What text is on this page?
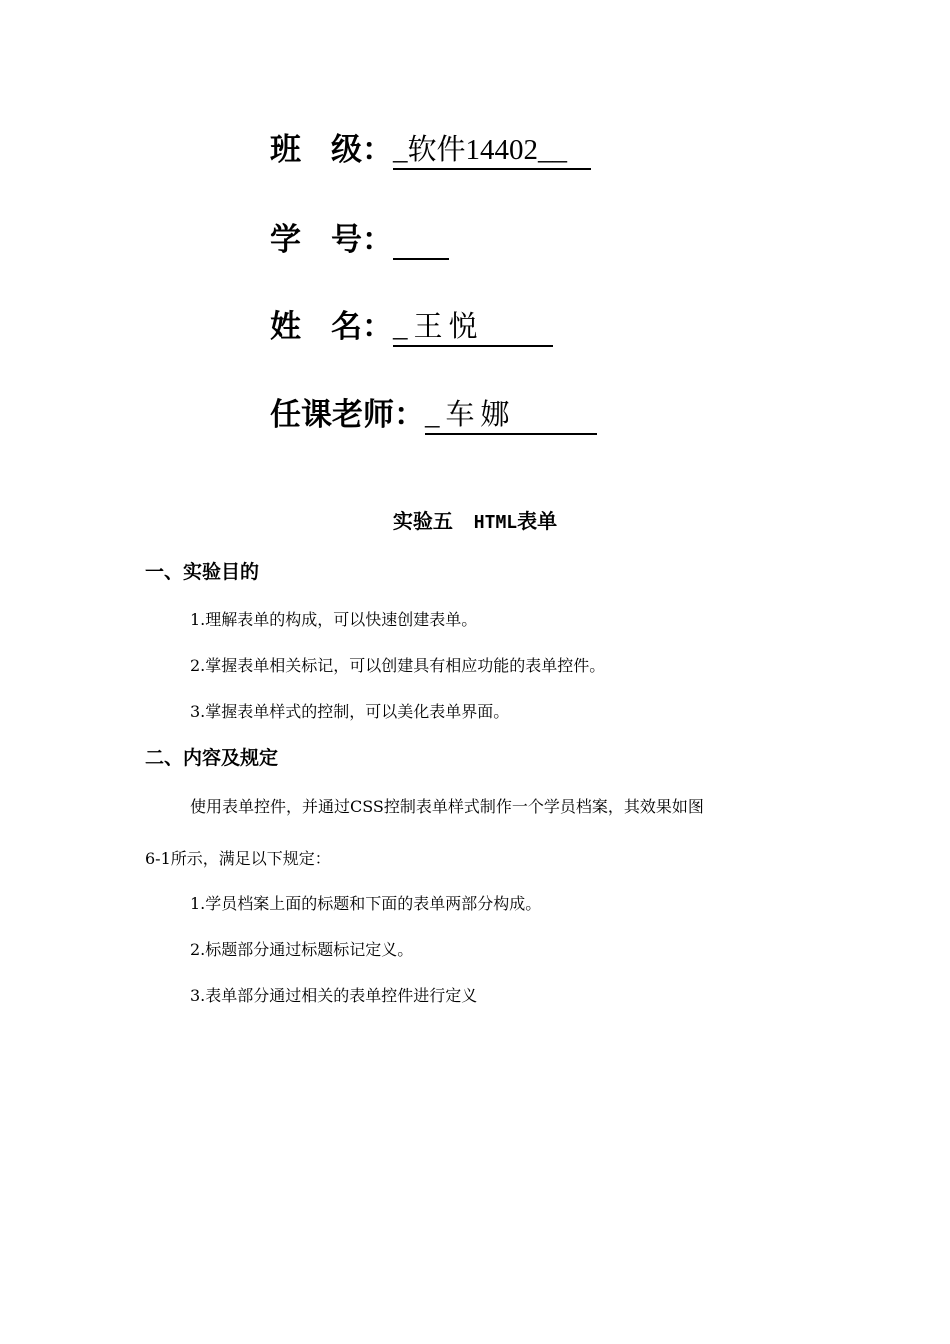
班级： _软件14402__
学号：
姓名： _王悦
任课老师： _车娜
实验五 HTML表单
一、实验目的
1.理解表单的构成，可以快速创建表单。
2.掌握表单相关标记，可以创建具有相应功能的表单控件。
3.掌握表单样式的控制，可以美化表单界面。
二、内容及规定
使用表单控件，并通过CSS控制表单样式制作一个学员档案，其效果如图
6-1所示，满足以下规定：
1.学员档案上面的标题和下面的表单两部分构成。
2.标题部分通过标题标记定义。
3.表单部分通过相关的表单控件进行定义
